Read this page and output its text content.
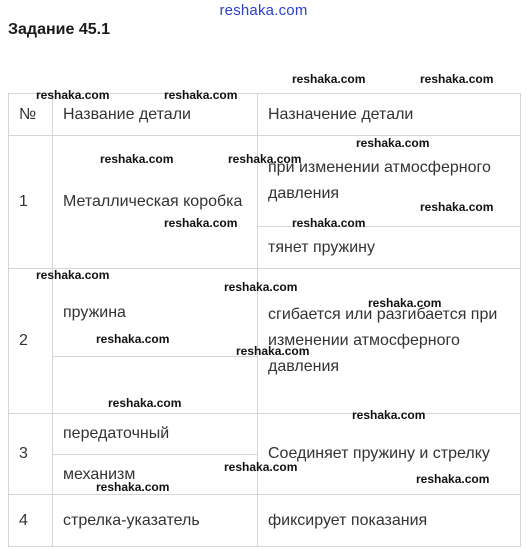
reshaka.com
Задание 45.1
№	Название детали	Назначение детали
1	Металлическая коробка	при изменении атмосферного давления
		тянет пружину
2	пружина	сгибается или разгибается при изменении атмосферного давления

3	передаточный	Соединяет пружину и стрелку
	механизм	
4	стрелка-указатель	фиксирует показания
reshaka.com	reshaka.com
reshaka.com	reshaka.com
reshaka.com
reshaka.com	reshaka.com
reshaka.com
reshaka.com	reshaka.com
reshaka.com
reshaka.com
reshaka.com
reshaka.com
reshaka.com
reshaka.com
reshaka.com
reshaka.com
reshaka.com
reshaka.com
